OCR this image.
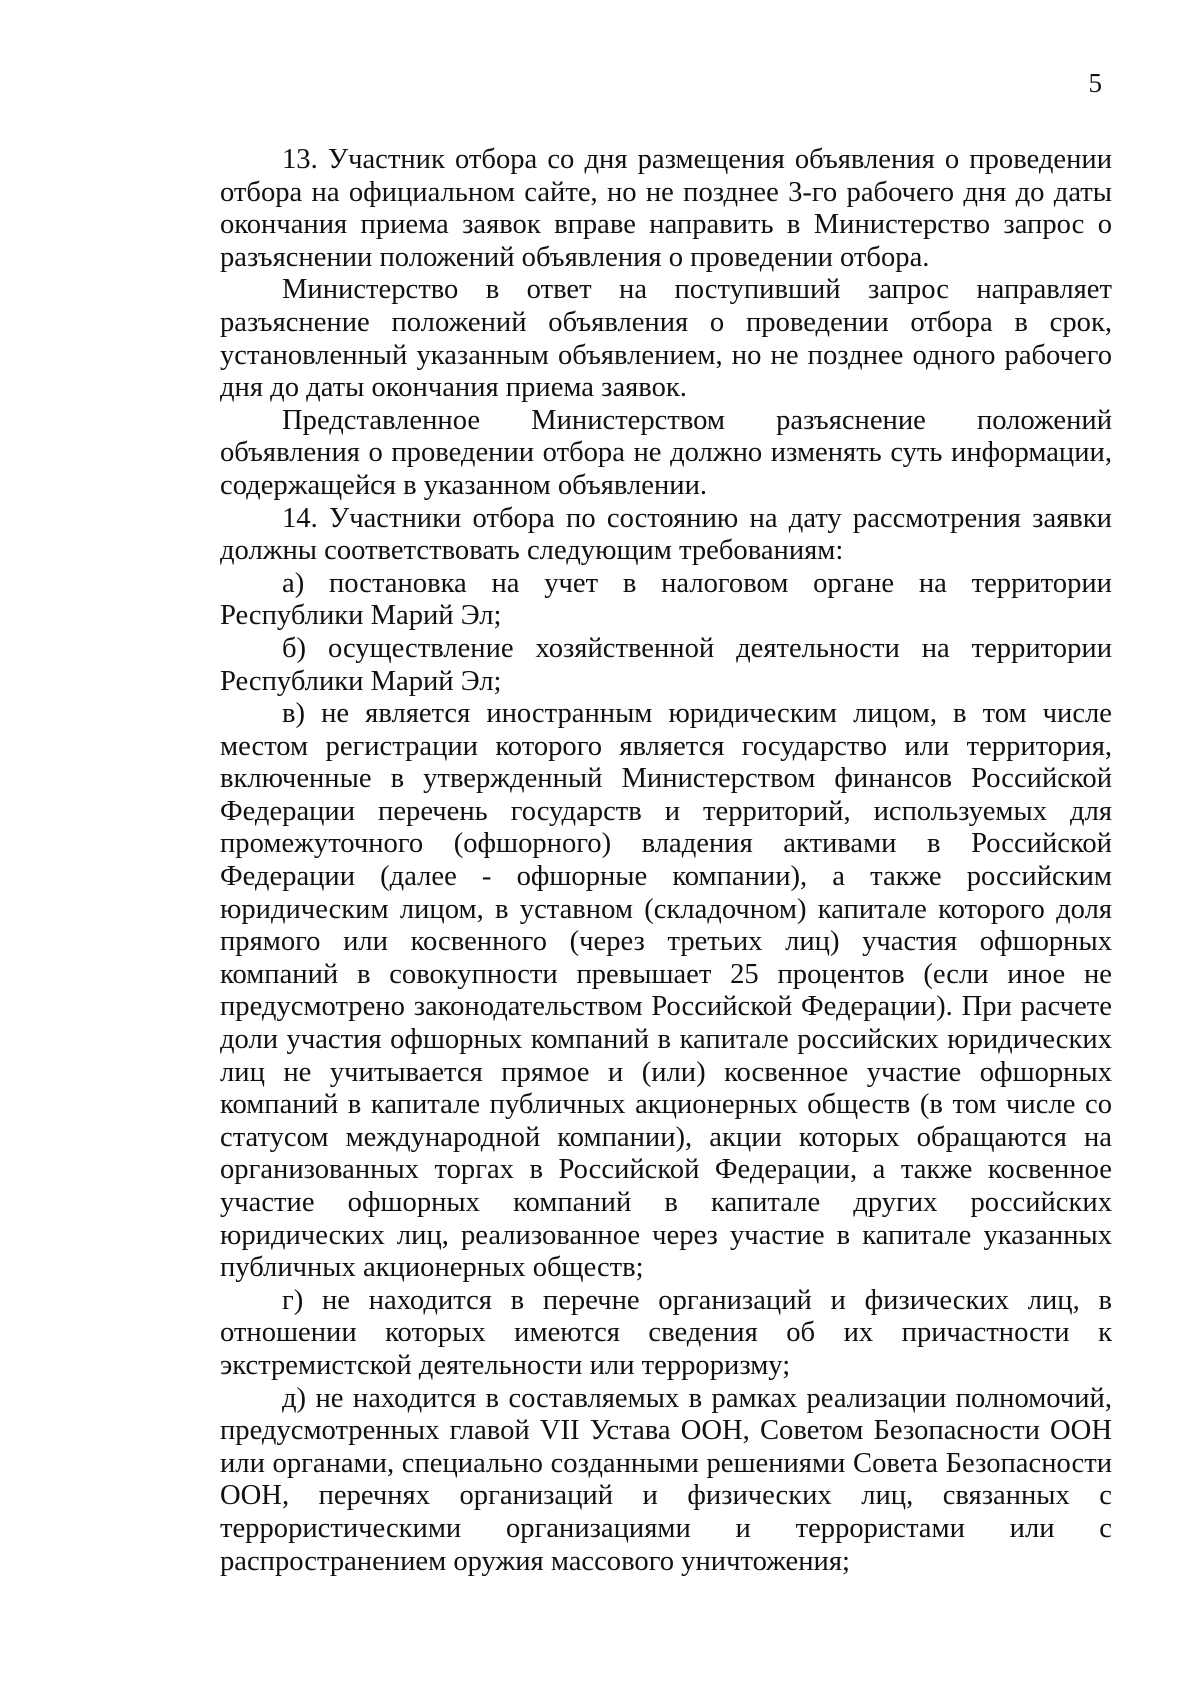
5

13. Участник отбора со дня размещения объявления о проведении отбора на официальном сайте, но не позднее 3-го рабочего дня до даты окончания приема заявок вправе направить в Министерство запрос о разъяснении положений объявления о проведении отбора.

Министерство в ответ на поступивший запрос направляет разъяснение положений объявления о проведении отбора в срок, установленный указанным объявлением, но не позднее одного рабочего дня до даты окончания приема заявок.

Представленное Министерством разъяснение положений объявления о проведении отбора не должно изменять суть информации, содержащейся в указанном объявлении.

14. Участники отбора по состоянию на дату рассмотрения заявки должны соответствовать следующим требованиям:

а) постановка на учет в налоговом органе на территории Республики Марий Эл;

б) осуществление хозяйственной деятельности на территории Республики Марий Эл;

в) не является иностранным юридическим лицом, в том числе местом регистрации которого является государство или территория, включенные в утвержденный Министерством финансов Российской Федерации перечень государств и территорий, используемых для промежуточного (офшорного) владения активами в Российской Федерации (далее - офшорные компании), а также российским юридическим лицом, в уставном (складочном) капитале которого доля прямого или косвенного (через третьих лиц) участия офшорных компаний в совокупности превышает 25 процентов (если иное не предусмотрено законодательством Российской Федерации). При расчете доли участия офшорных компаний в капитале российских юридических лиц не учитывается прямое и (или) косвенное участие офшорных компаний в капитале публичных акционерных обществ (в том числе со статусом международной компании), акции которых обращаются на организованных торгах в Российской Федерации, а также косвенное участие офшорных компаний в капитале других российских юридических лиц, реализованное через участие в капитале указанных публичных акционерных обществ;

г) не находится в перечне организаций и физических лиц, в отношении которых имеются сведения об их причастности к экстремистской деятельности или терроризму;

д) не находится в составляемых в рамках реализации полномочий, предусмотренных главой VII Устава ООН, Советом Безопасности ООН или органами, специально созданными решениями Совета Безопасности ООН, перечнях организаций и физических лиц, связанных с террористическими организациями и террористами или с распространением оружия массового уничтожения;
